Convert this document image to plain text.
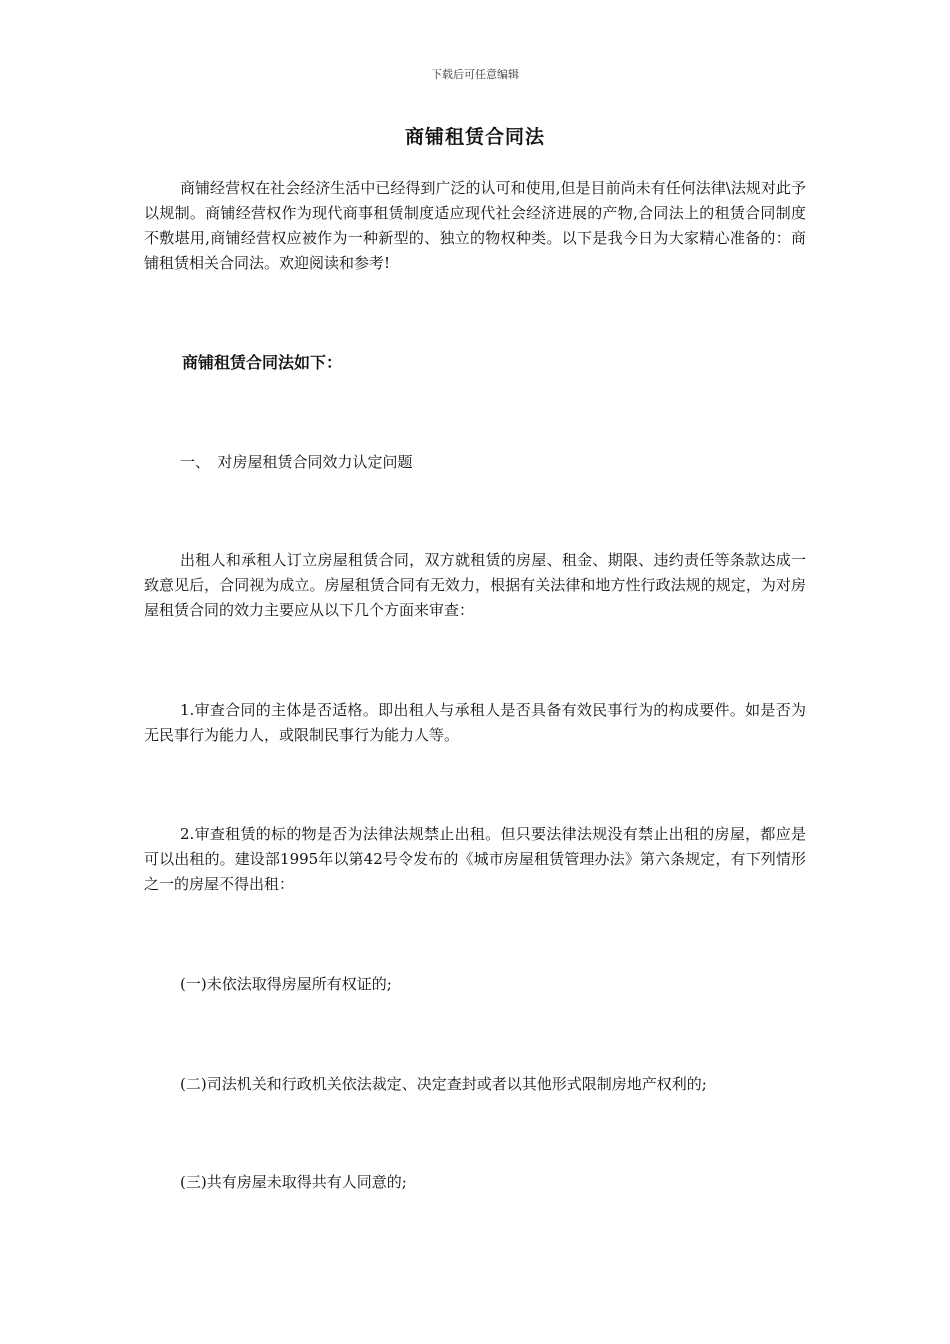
下载后可任意编辑
商铺租赁合同法

商铺经营权在社会经济生活中已经得到广泛的认可和使用,但是目前尚未有任何法律\法规对此予以规制。商铺经营权作为现代商事租赁制度适应现代社会经济进展的产物,合同法上的租赁合同制度不敷堪用,商铺经营权应被作为一种新型的、独立的物权种类。以下是我今日为大家精心准备的：商铺租赁相关合同法。欢迎阅读和参考!

商铺租赁合同法如下：

一、　对房屋租赁合同效力认定问题

出租人和承租人订立房屋租赁合同，双方就租赁的房屋、租金、期限、违约责任等条款达成一致意见后，合同视为成立。房屋租赁合同有无效力，根据有关法律和地方性行政法规的规定，为对房屋租赁合同的效力主要应从以下几个方面来审查：

1.审查合同的主体是否适格。即出租人与承租人是否具备有效民事行为的构成要件。如是否为无民事行为能力人，或限制民事行为能力人等。

2.审查租赁的标的物是否为法律法规禁止出租。但只要法律法规没有禁止出租的房屋，都应是可以出租的。建设部1995年以第42号令发布的《城市房屋租赁管理办法》第六条规定，有下列情形之一的房屋不得出租：

(一)未依法取得房屋所有权证的;

(二)司法机关和行政机关依法裁定、决定查封或者以其他形式限制房地产权利的;

(三)共有房屋未取得共有人同意的;
